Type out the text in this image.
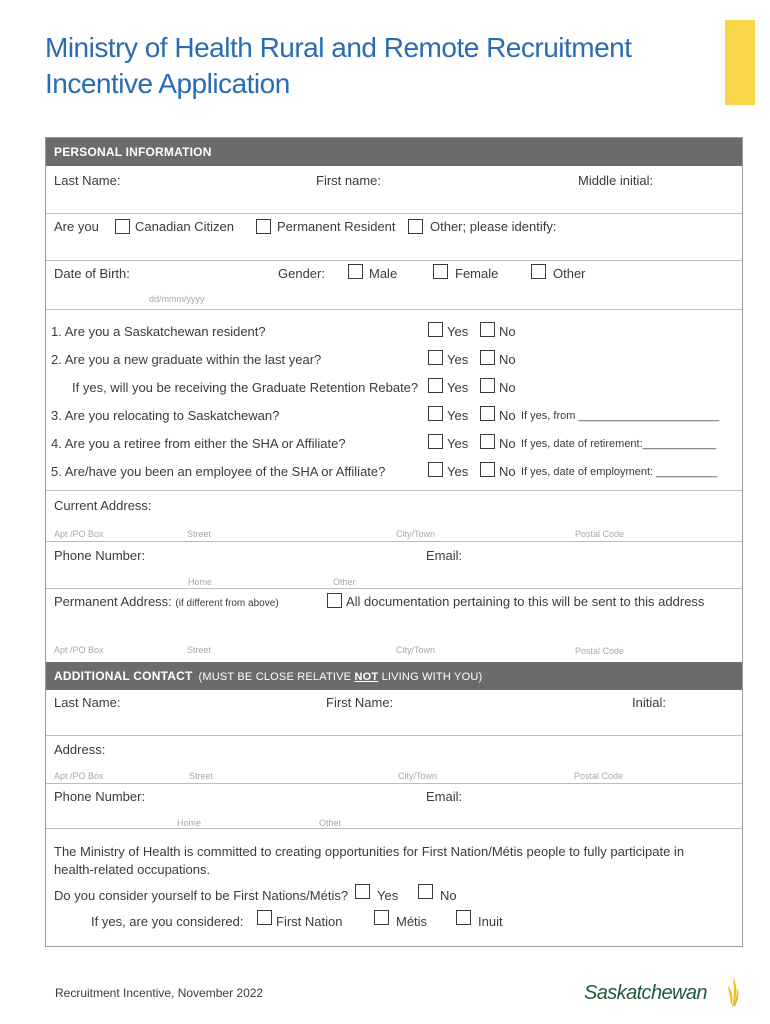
Ministry of Health Rural and Remote Recruitment Incentive Application
PERSONAL INFORMATION
Last Name:	First name:	Middle initial:
Are you	Canadian Citizen	Permanent Resident	Other; please identify:
Date of Birth:
dd/mmm/yyyy
Gender:	Male	Female	Other
1. Are you a Saskatchewan resident?	Yes No
2. Are you a new graduate within the last year?	Yes No
If yes, will you be receiving the Graduate Retention Rebate? Yes No
3. Are you relocating to Saskatchewan?	Yes No If yes, from _______________________
4. Are you a retiree from either the SHA or Affiliate?	Yes No If yes, date of retirement:____________
5. Are/have you been an employee of the SHA or Affiliate?	Yes No If yes, date of employment: __________
Current Address:
Apt /PO Box	Street	City/Town	Postal Code
Phone Number:	Email:
Home	Other
Permanent Address: (if different from above)	All documentation pertaining to this will be sent to this address
Apt /PO Box	Street	City/Town	Postal Code
ADDITIONAL CONTACT (MUST BE CLOSE RELATIVE NOT LIVING WITH YOU)
Last Name:	First Name:	Initial:
Address:
Apt /PO Box	Street	City/Town	Postal Code
Phone Number:	Email:
Home	Other
The Ministry of Health is committed to creating opportunities for First Nation/Métis people to fully participate in
health-related occupations.
Do you consider yourself to be First Nations/Métis? Yes	No
If yes, are you considered:	First Nation	Métis	Inuit
Recruitment Incentive, November 2022	Saskatchewan
